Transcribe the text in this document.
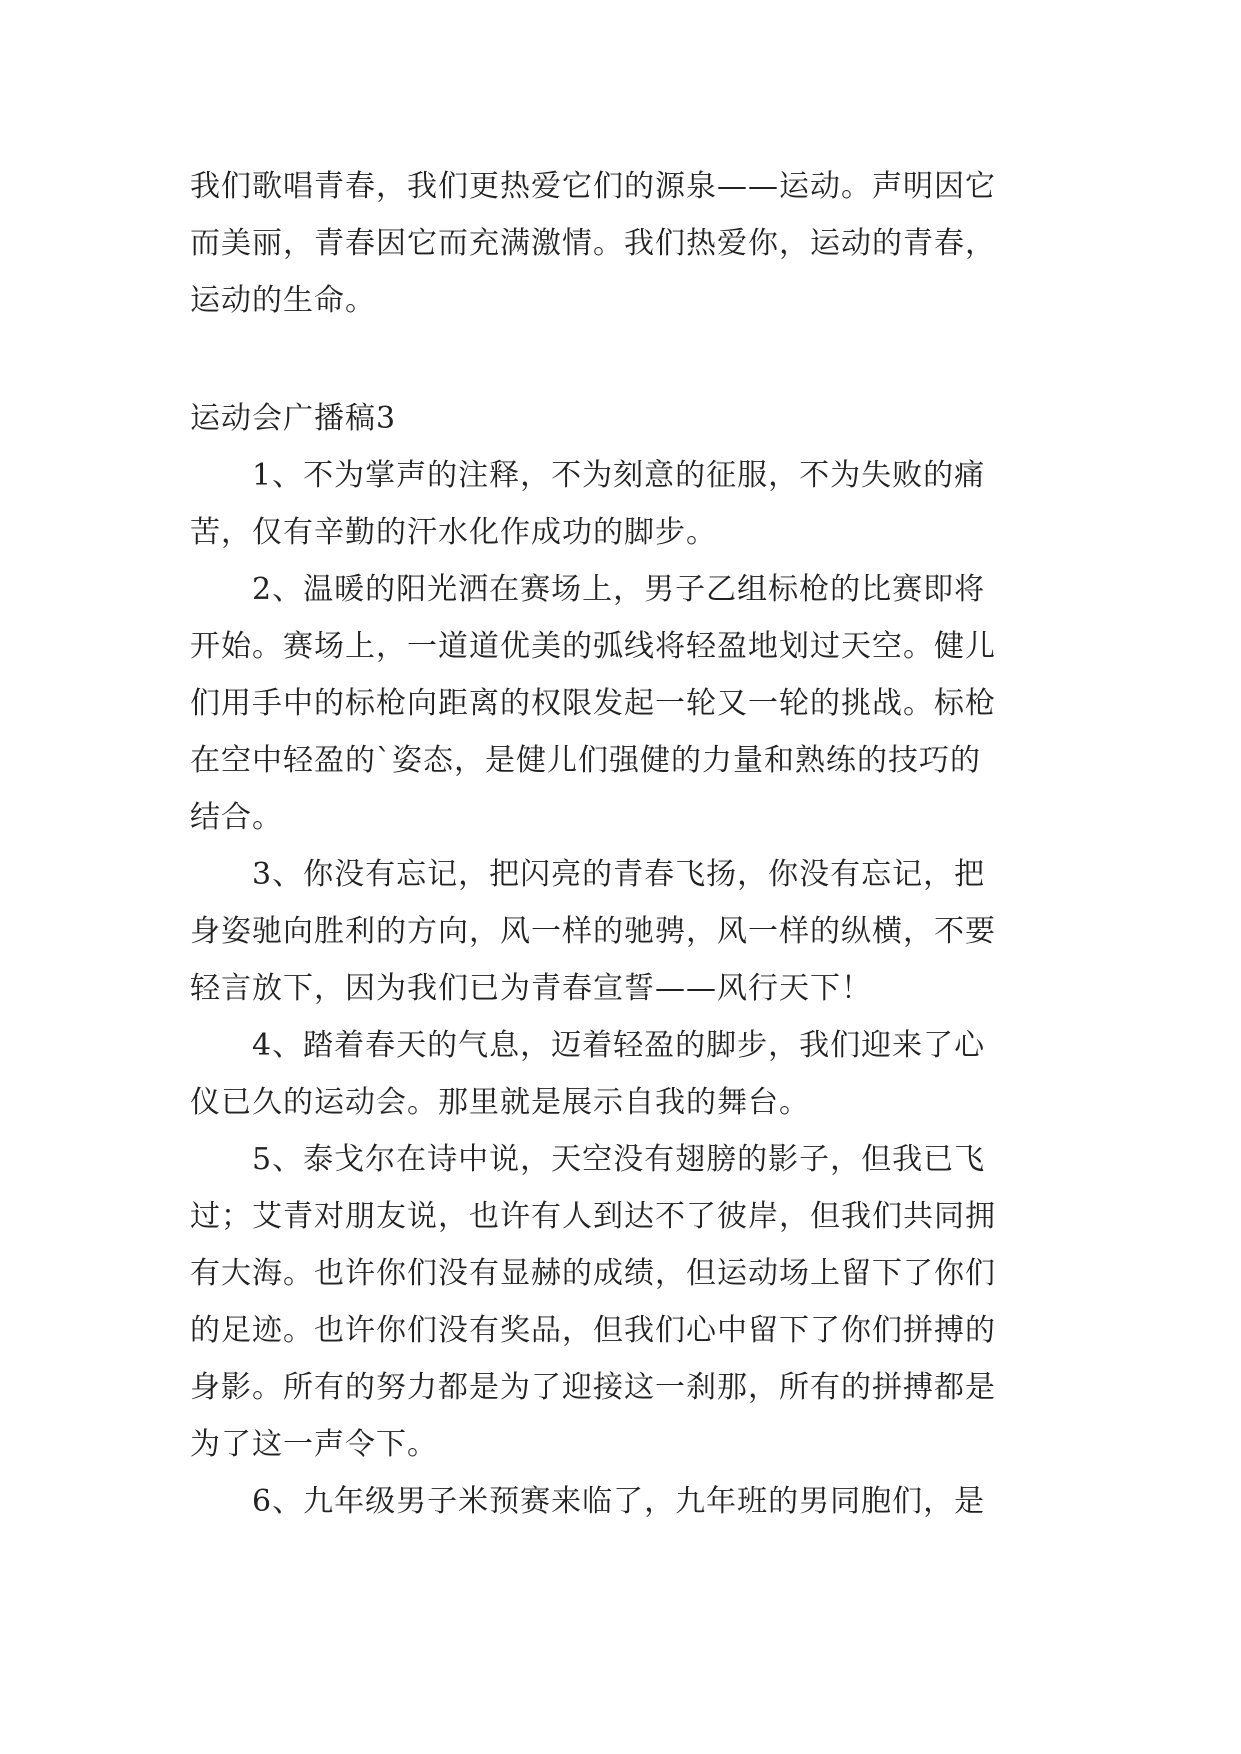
我们歌唱青春，我们更热爱它们的源泉——运动。声明因它

而美丽，青春因它而充满激情。我们热爱你，运动的青春，

运动的生命。

运动会广播稿3

　　1、不为掌声的注释，不为刻意的征服，不为失败的痛

苦，仅有辛勤的汗水化作成功的脚步。

　　2、温暖的阳光洒在赛场上，男子乙组标枪的比赛即将

开始。赛场上，一道道优美的弧线将轻盈地划过天空。健儿

们用手中的标枪向距离的权限发起一轮又一轮的挑战。标枪

在空中轻盈的`姿态，是健儿们强健的力量和熟练的技巧的

结合。

　　3、你没有忘记，把闪亮的青春飞扬，你没有忘记，把

身姿驰向胜利的方向，风一样的驰骋，风一样的纵横，不要

轻言放下，因为我们已为青春宣誓——风行天下！

　　4、踏着春天的气息，迈着轻盈的脚步，我们迎来了心

仪已久的运动会。那里就是展示自我的舞台。

　　5、泰戈尔在诗中说，天空没有翅膀的影子，但我已飞

过；艾青对朋友说，也许有人到达不了彼岸，但我们共同拥

有大海。也许你们没有显赫的成绩，但运动场上留下了你们

的足迹。也许你们没有奖品，但我们心中留下了你们拼搏的

身影。所有的努力都是为了迎接这一刹那，所有的拼搏都是

为了这一声令下。

　　6、九年级男子米预赛来临了，九年班的男同胞们，是
